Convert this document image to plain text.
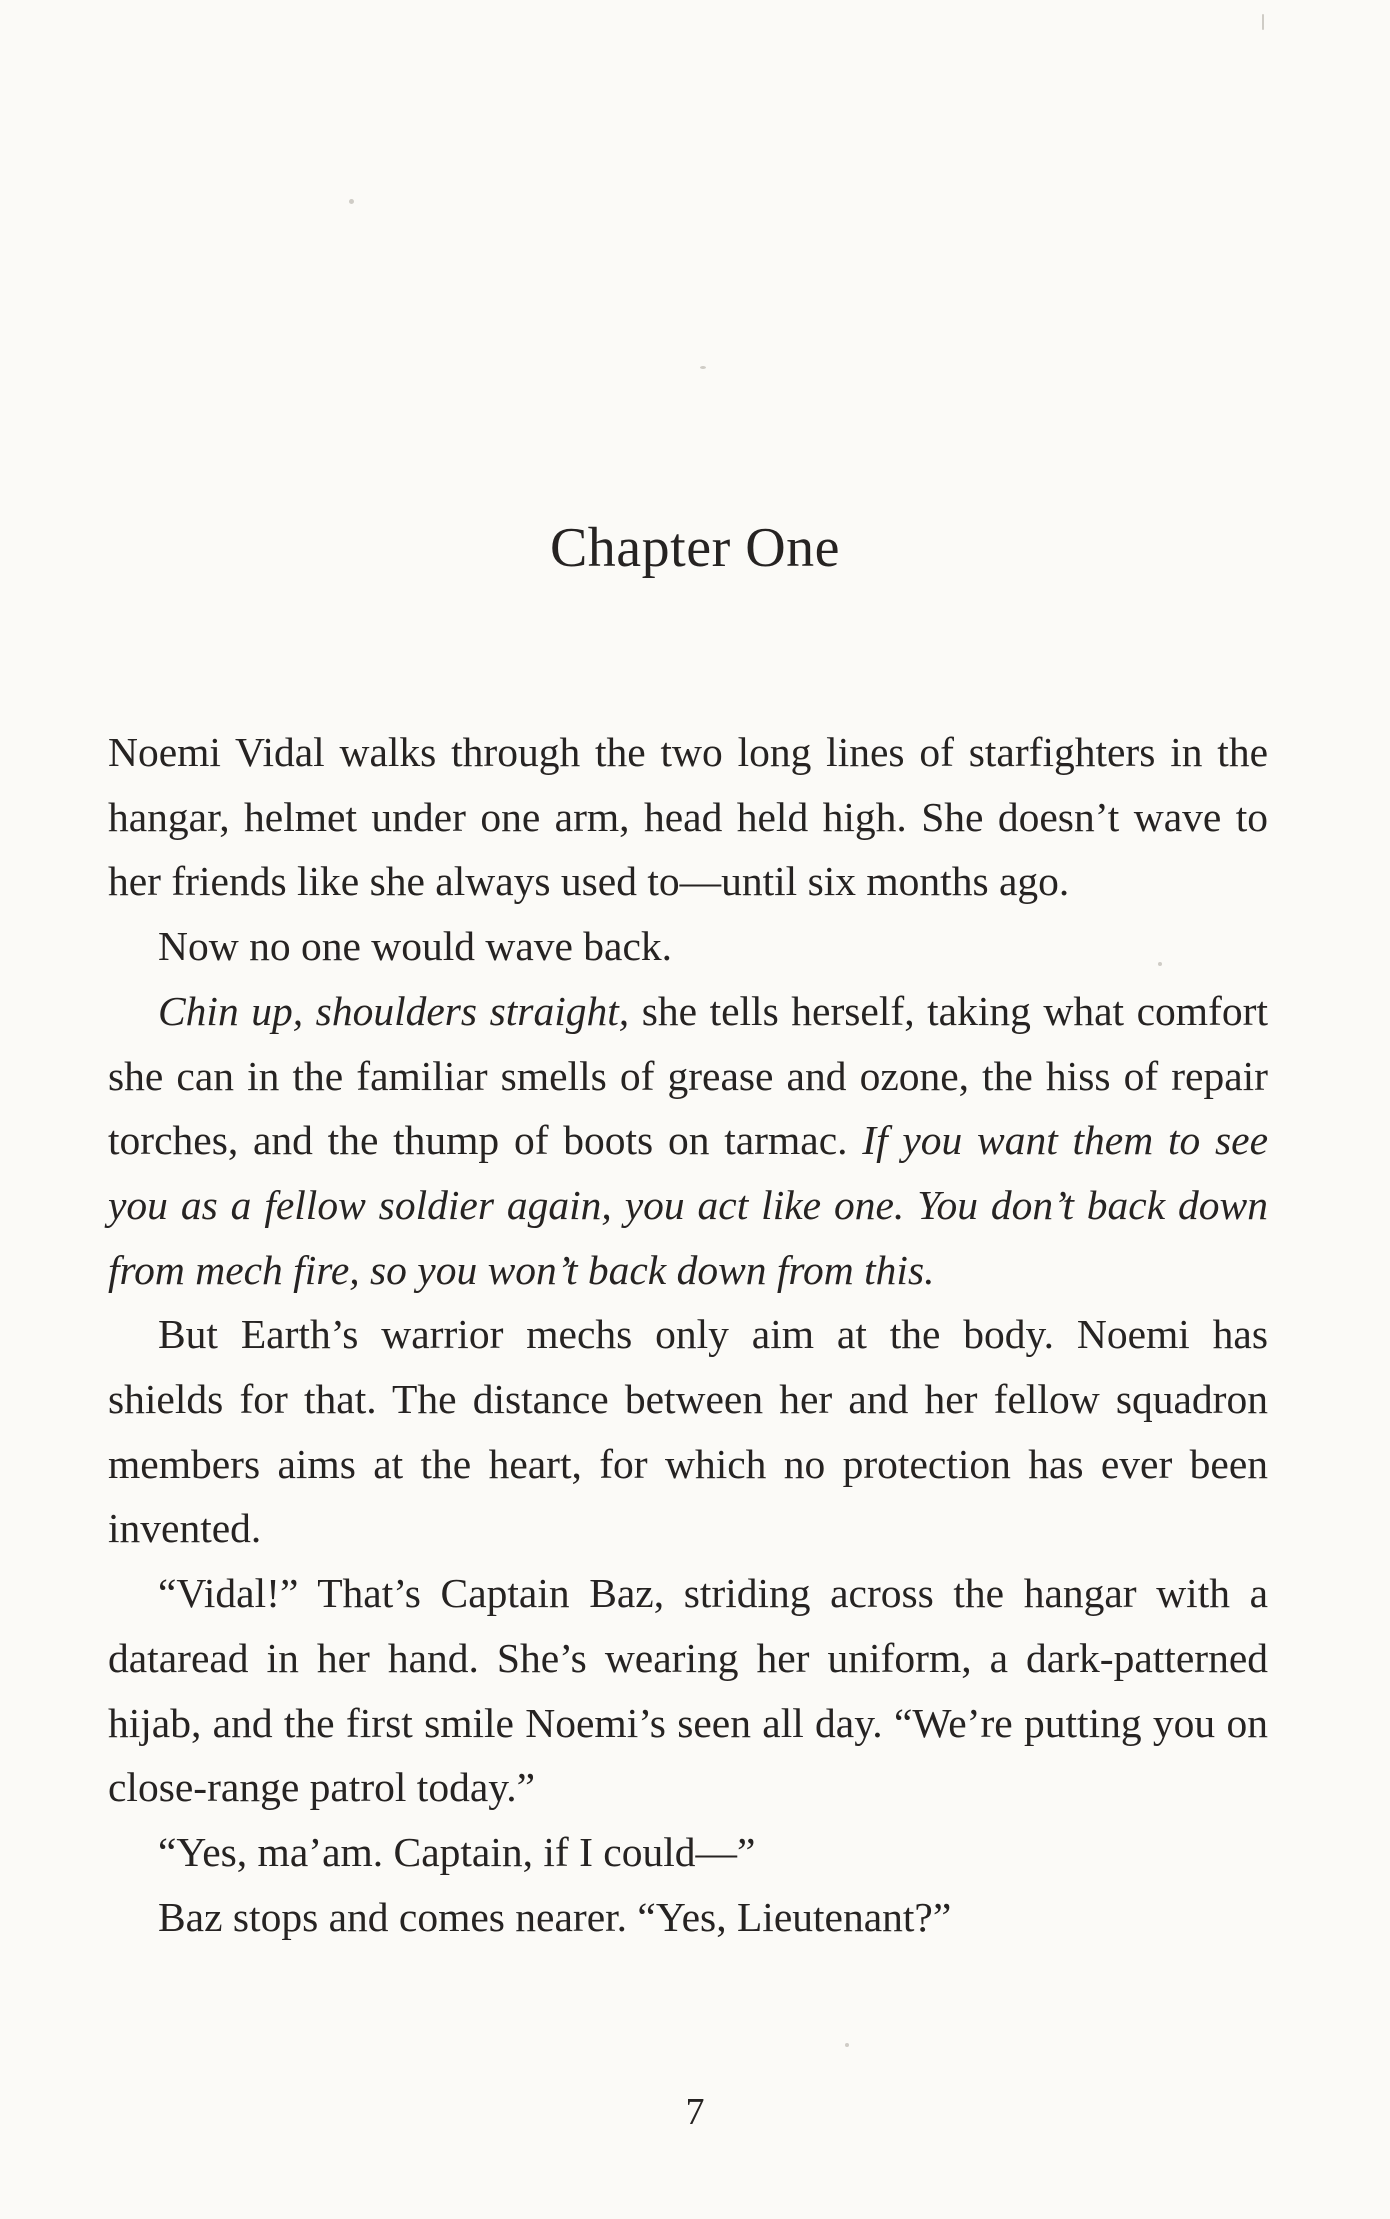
Chapter One

Noemi Vidal walks through the two long lines of starfighters in the hangar, helmet under one arm, head held high. She doesn’t wave to her friends like she always used to—until six months ago.

Now no one would wave back.

Chin up, shoulders straight, she tells herself, taking what comfort she can in the familiar smells of grease and ozone, the hiss of repair torches, and the thump of boots on tarmac. If you want them to see you as a fellow soldier again, you act like one. You don’t back down from mech fire, so you won’t back down from this.

But Earth’s warrior mechs only aim at the body. Noemi has shields for that. The distance between her and her fellow squadron members aims at the heart, for which no protection has ever been invented.

“Vidal!” That’s Captain Baz, striding across the hangar with a dataread in her hand. She’s wearing her uniform, a dark-patterned hijab, and the first smile Noemi’s seen all day. “We’re putting you on close-range patrol today.”

“Yes, ma’am. Captain, if I could—”

Baz stops and comes nearer. “Yes, Lieutenant?”

7
